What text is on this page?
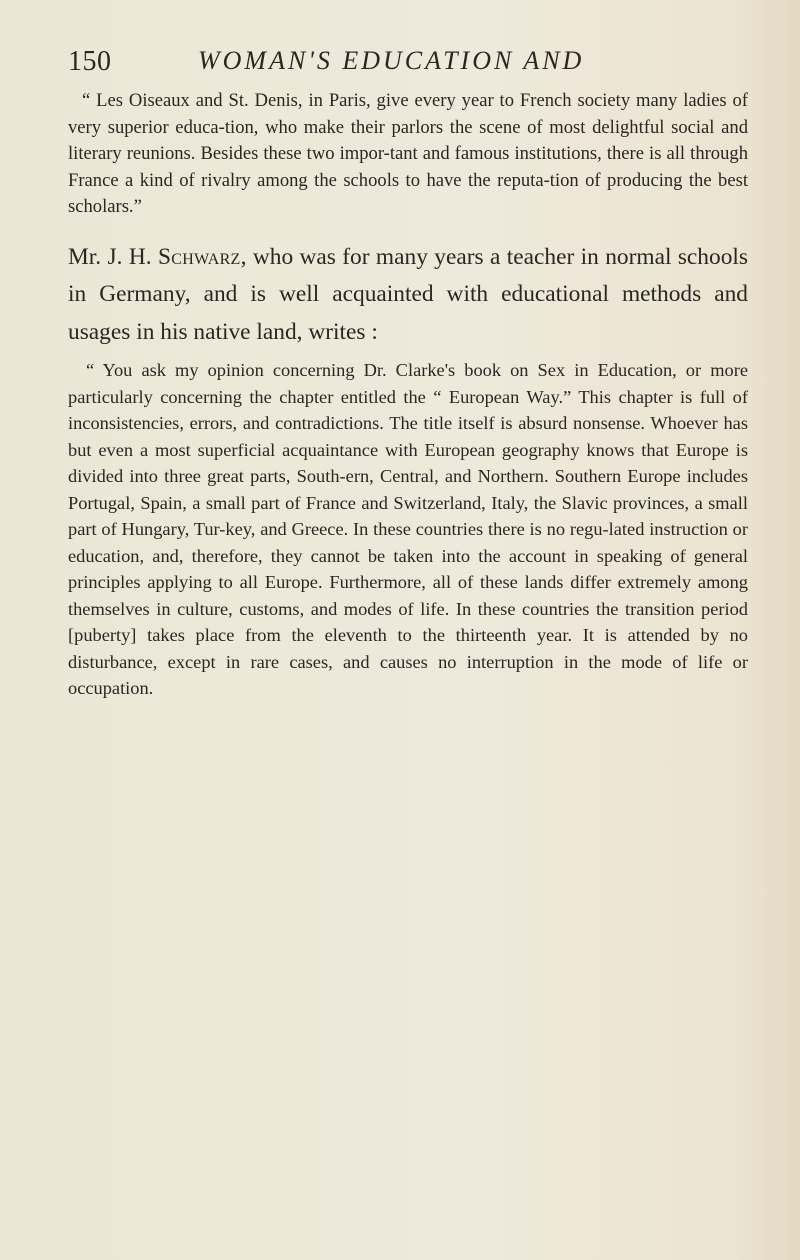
150	WOMAN'S EDUCATION AND

“ Les Oiseaux and St. Denis, in Paris, give every year to French society many ladies of very superior educa-tion, who make their parlors the scene of most delightful social and literary reunions. Besides these two impor-tant and famous institutions, there is all through France a kind of rivalry among the schools to have the reputa-tion of producing the best scholars.”

Mr. J. H. Schwarz, who was for many years a teacher in normal schools in Germany, and is well acquainted with educational methods and usages in his native land, writes :

“ You ask my opinion concerning Dr. Clarke's book on Sex in Education, or more particularly concerning the chapter entitled the “ European Way.” This chapter is full of inconsistencies, errors, and contradictions. The title itself is absurd nonsense. Whoever has but even a most superficial acquaintance with European geography knows that Europe is divided into three great parts, South-ern, Central, and Northern. Southern Europe includes Portugal, Spain, a small part of France and Switzerland, Italy, the Slavic provinces, a small part of Hungary, Tur-key, and Greece. In these countries there is no regu-lated instruction or education, and, therefore, they cannot be taken into the account in speaking of general principles applying to all Europe. Furthermore, all of these lands differ extremely among themselves in culture, customs, and modes of life. In these countries the transition period [puberty] takes place from the eleventh to the thirteenth year. It is attended by no disturbance, except in rare cases, and causes no interruption in the mode of life or occupation.
